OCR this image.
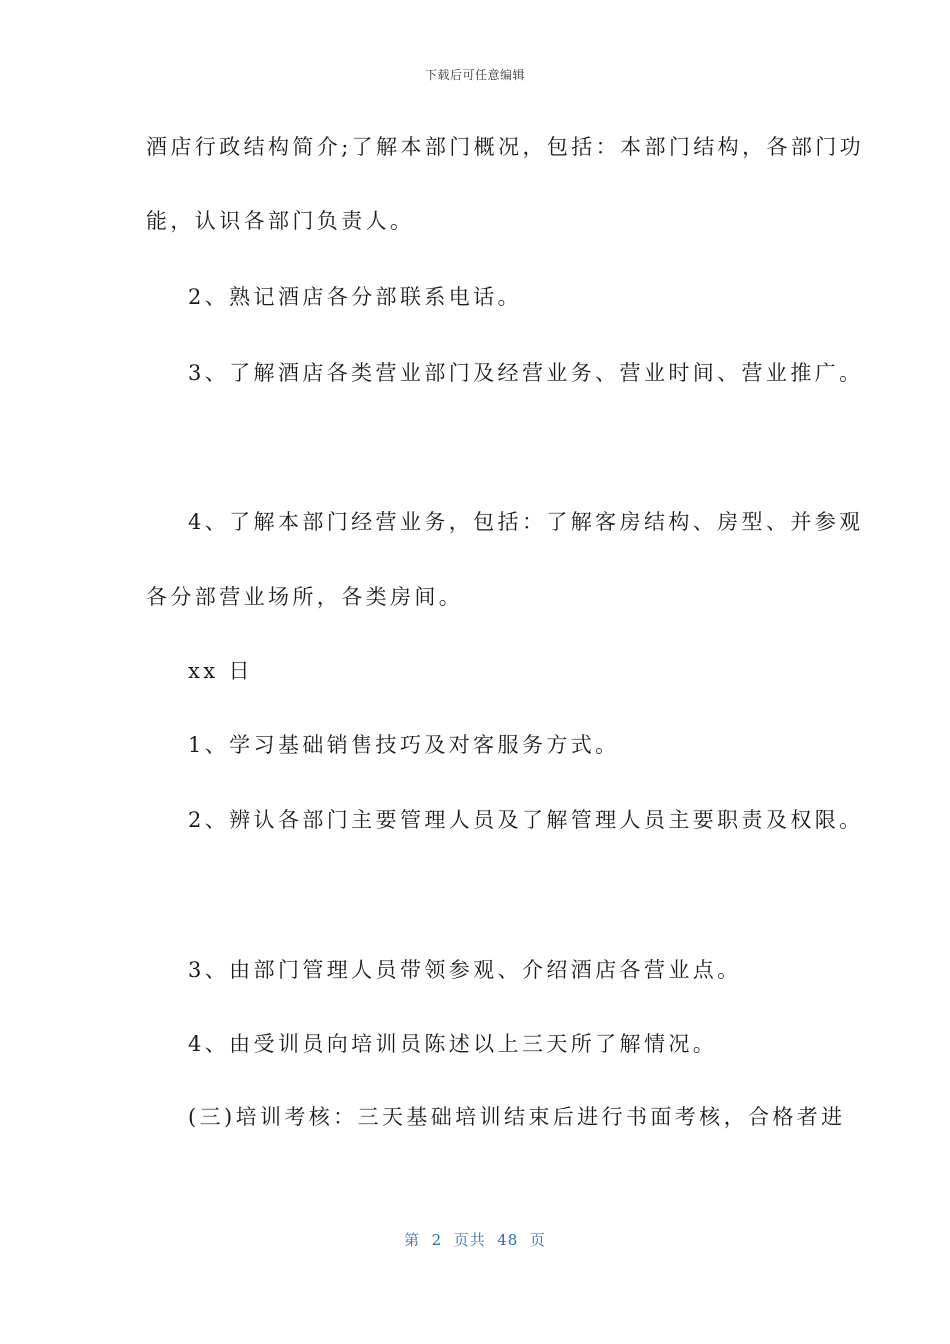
下载后可任意编辑
酒店行政结构简介;了解本部门概况，包括：本部门结构，各部门功
能，认识各部门负责人。
2、熟记酒店各分部联系电话。
3、了解酒店各类营业部门及经营业务、营业时间、营业推广。
4、了解本部门经营业务，包括：了解客房结构、房型、并参观
各分部营业场所，各类房间。
xx 日
1、学习基础销售技巧及对客服务方式。
2、辨认各部门主要管理人员及了解管理人员主要职责及权限。
3、由部门管理人员带领参观、介绍酒店各营业点。
4、由受训员向培训员陈述以上三天所了解情况。
(三)培训考核：三天基础培训结束后进行书面考核，合格者进
第  2  页共  48  页
